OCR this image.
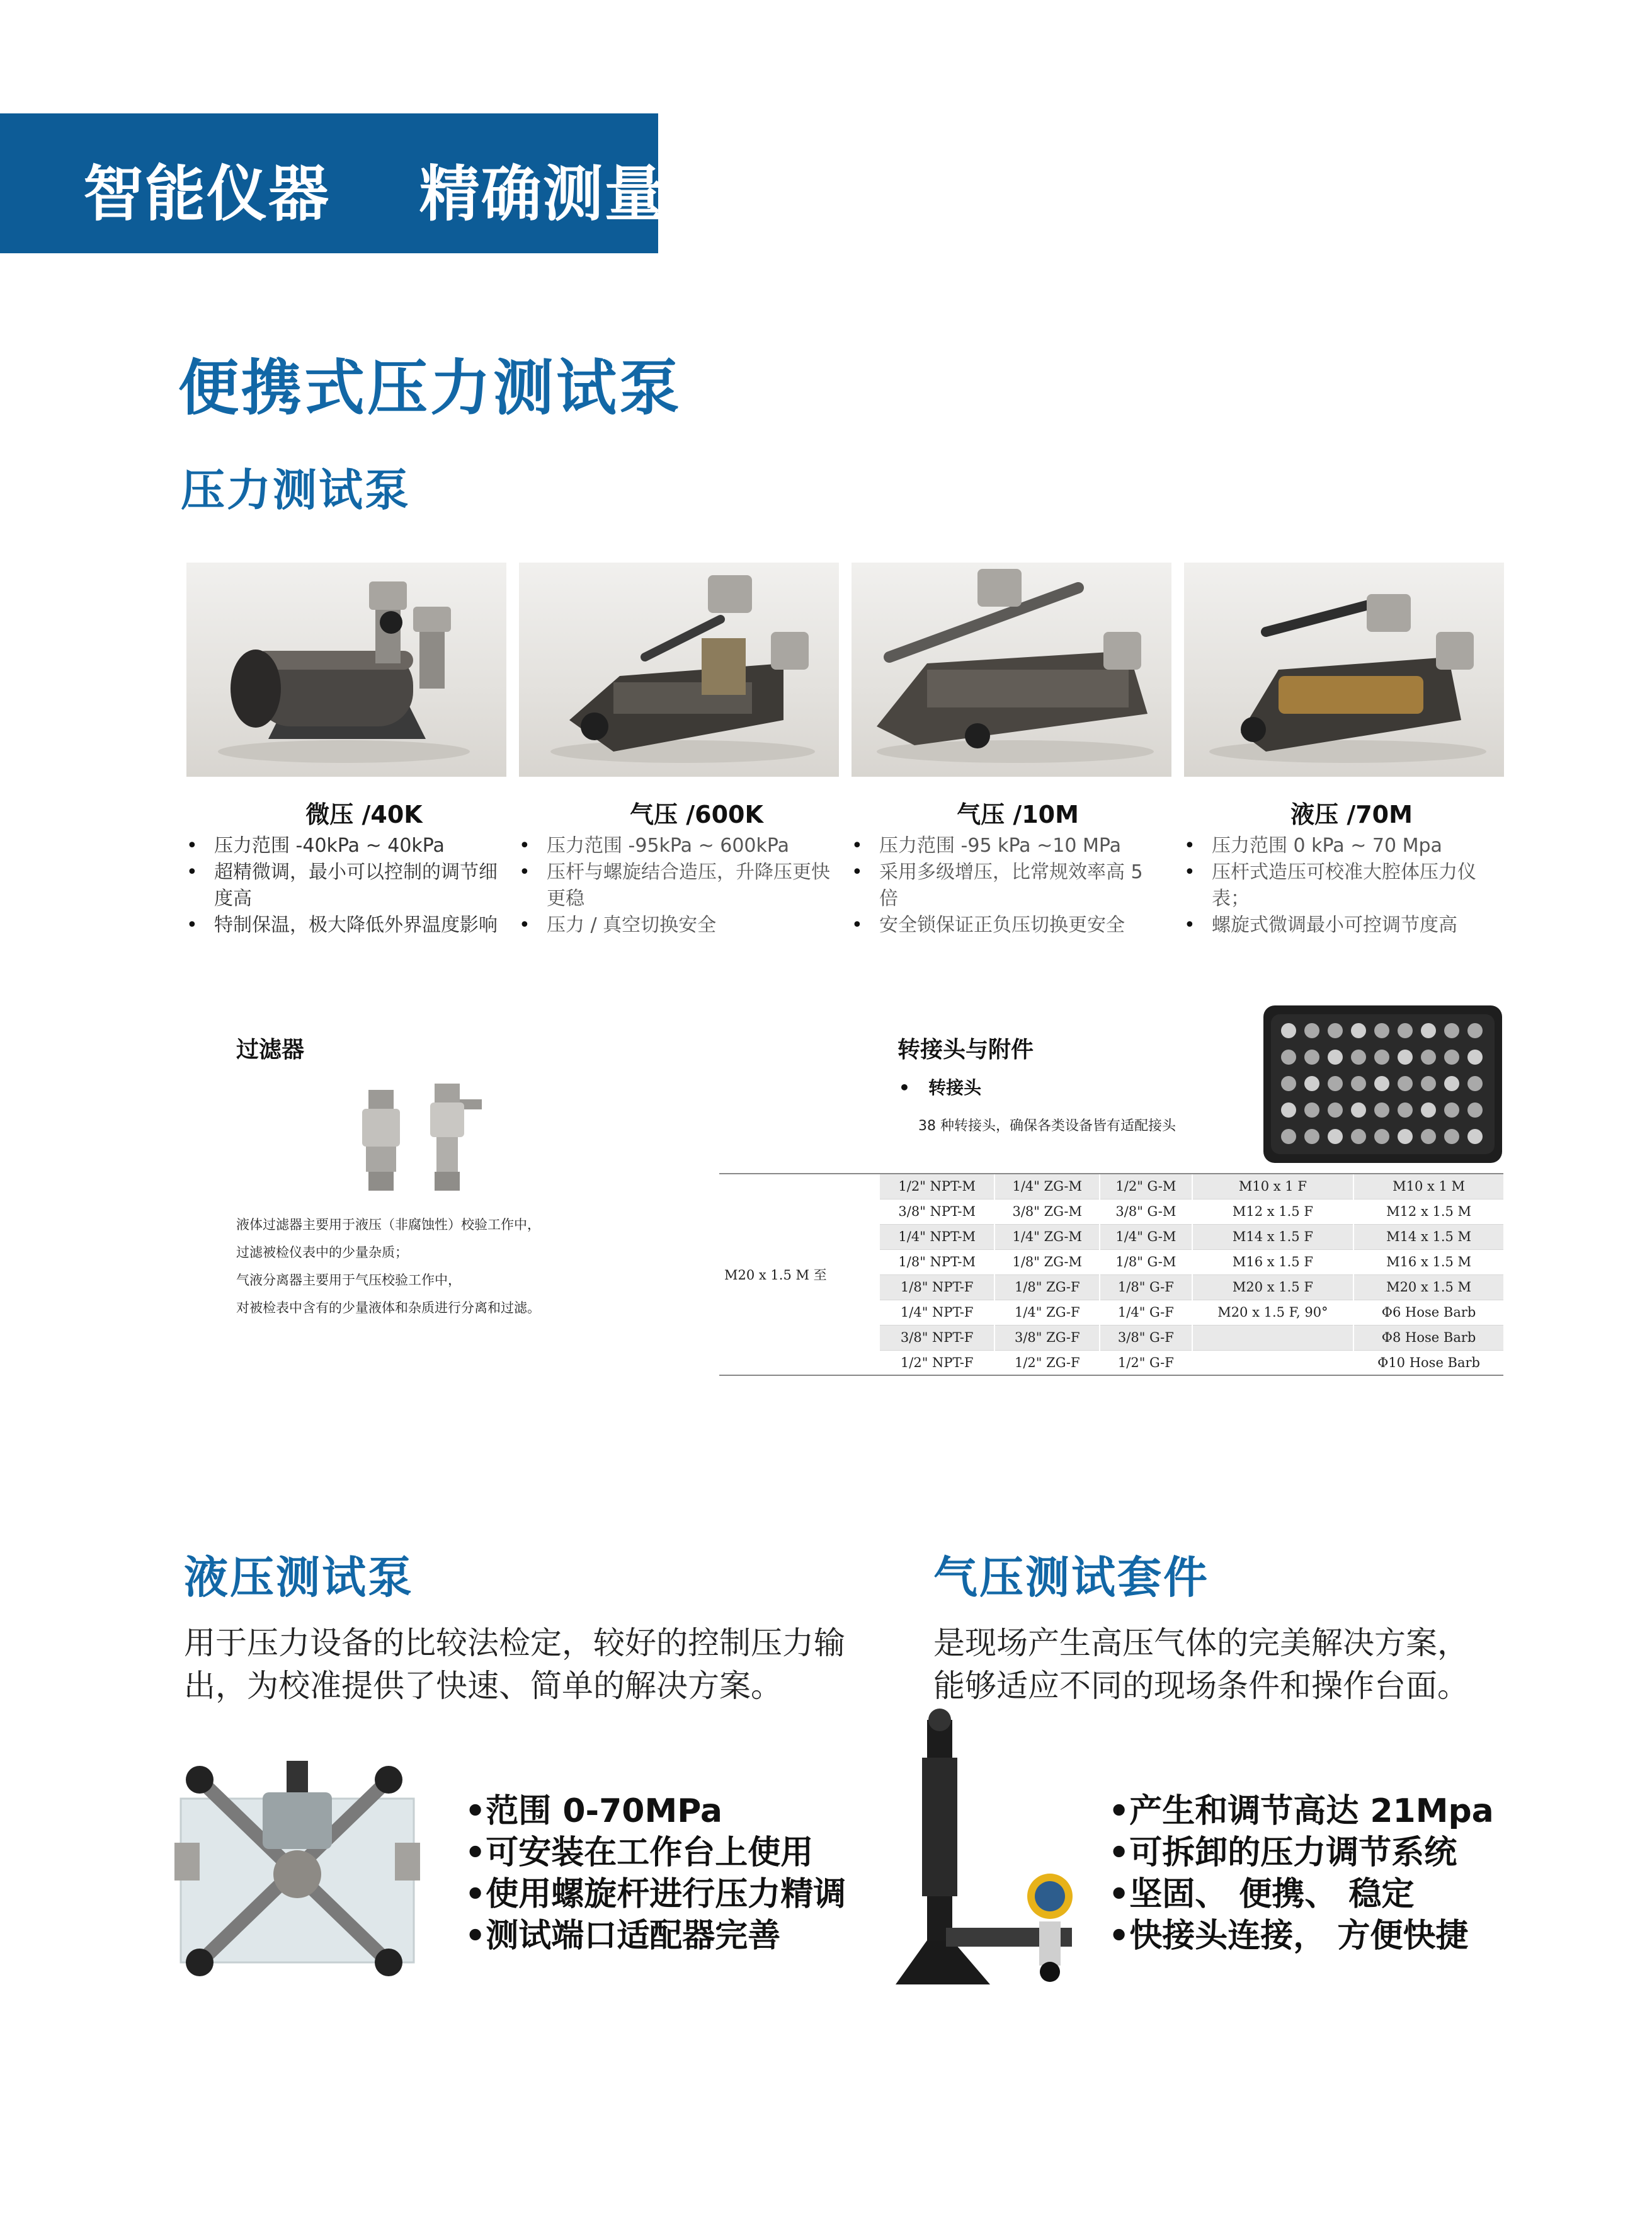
智能仪器    精确测量
便携式压力测试泵
压力测试泵
微压 /40K	气压 /600K	气压 /10M	液压 /70M
• 压力范围 -40kPa ~ 40kPa
• 超精微调，最小可以控制的调节细度高
• 特制保温，极大降低外界温度影响
• 压力范围 -95kPa ~ 600kPa
• 压杆与螺旋结合造压，升降压更快更稳
• 压力 / 真空切换安全
• 压力范围 -95 kPa ~10 MPa
• 采用多级增压，比常规效率高 5 倍
• 安全锁保证正负压切换更安全
• 压力范围 0 kPa ~ 70 Mpa
• 压杆式造压可校准大腔体压力仪表；
• 螺旋式微调最小可控调节度高
过滤器
液体过滤器主要用于液压（非腐蚀性）校验工作中，
过滤被检仪表中的少量杂质；
气液分离器主要用于气压校验工作中，
对被检表中含有的少量液体和杂质进行分离和过滤。
转接头与附件
•   转接头
38 种转接头，确保各类设备皆有适配接头
M20 x 1.5 M 至	1/2" NPT-M	1/4" ZG-M	1/2" G-M	M10 x 1 F	M10 x 1 M
	3/8" NPT-M	3/8" ZG-M	3/8" G-M	M12 x 1.5 F	M12 x 1.5 M
	1/4" NPT-M	1/4" ZG-M	1/4" G-M	M14 x 1.5 F	M14 x 1.5 M
	1/8" NPT-M	1/8" ZG-M	1/8" G-M	M16 x 1.5 F	M16 x 1.5 M
	1/8" NPT-F	1/8" ZG-F	1/8" G-F	M20 x 1.5 F	M20 x 1.5 M
	1/4" NPT-F	1/4" ZG-F	1/4" G-F	M20 x 1.5 F, 90°	Φ6 Hose Barb
	3/8" NPT-F	3/8" ZG-F	3/8" G-F		Φ8 Hose Barb
	1/2" NPT-F	1/2" ZG-F	1/2" G-F		Φ10 Hose Barb
液压测试泵
用于压力设备的比较法检定，较好的控制压力输
出，为校准提供了快速、简单的解决方案。
•范围 0-70MPa
•可安装在工作台上使用
•使用螺旋杆进行压力精调
•测试端口适配器完善
气压测试套件
是现场产生高压气体的完美解决方案，
能够适应不同的现场条件和操作台面。
•产生和调节高达 21Mpa
•可拆卸的压力调节系统
•坚固、 便携、 稳定
•快接头连接， 方便快捷
